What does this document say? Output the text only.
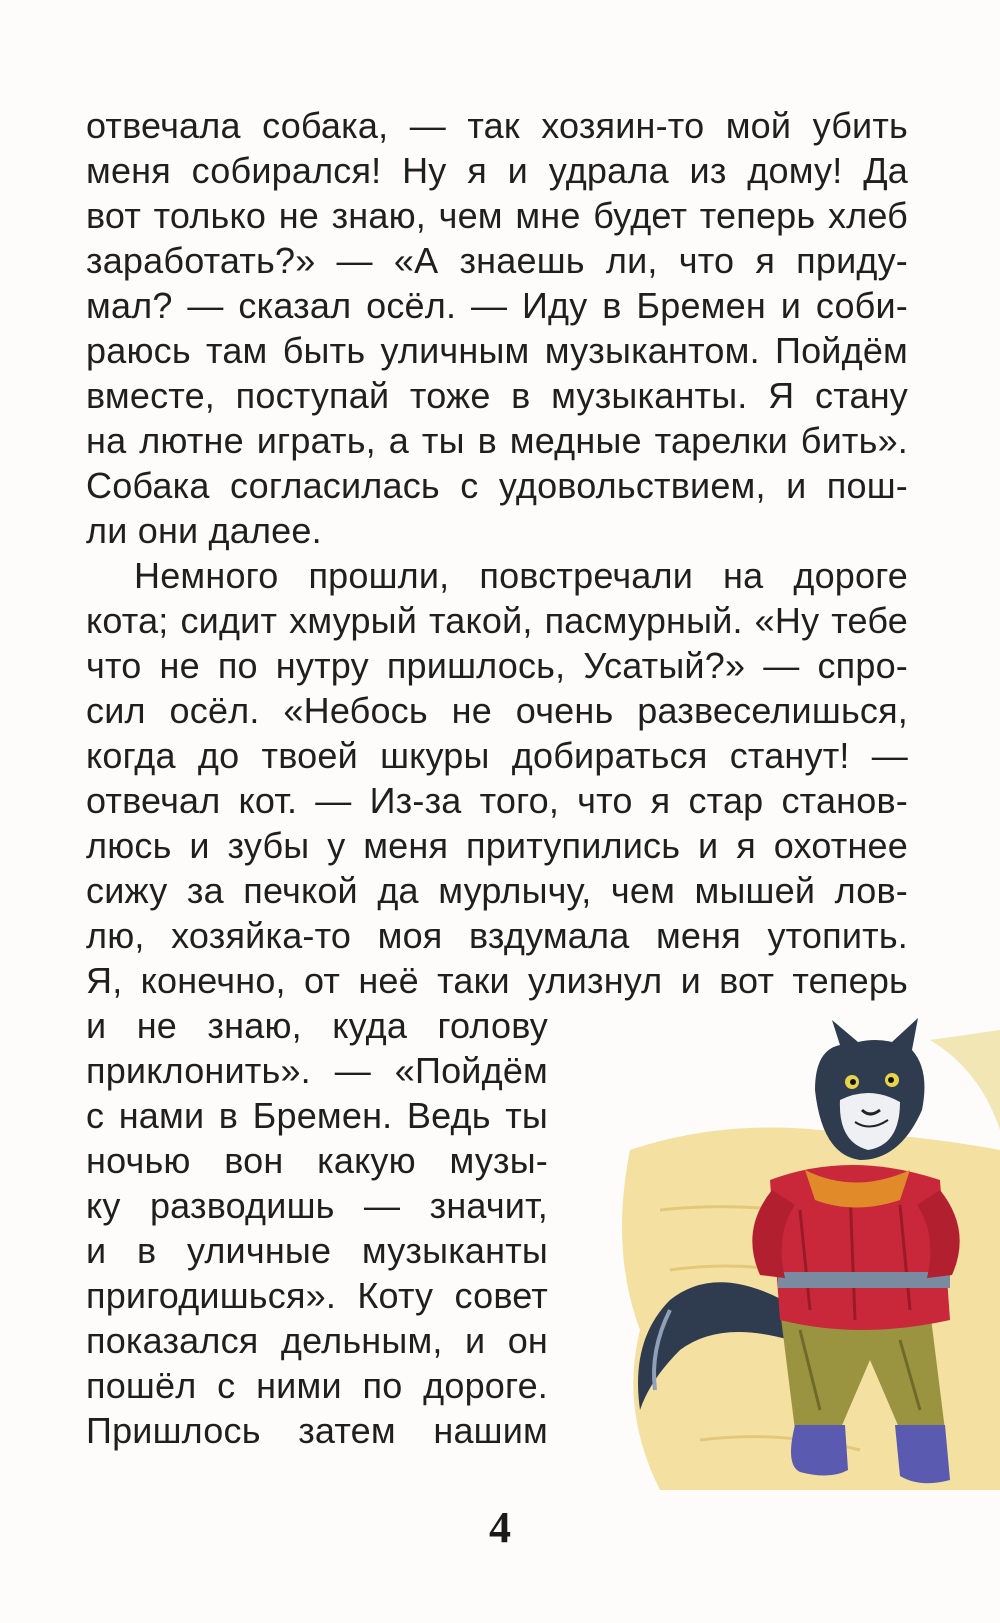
отвечала собака, — так хозяин-то мой убить
меня собирался! Ну я и удрала из дому! Да
вот только не знаю, чем мне будет теперь хлеб
заработать?» — «А знаешь ли, что я приду-
мал? — сказал осёл. — Иду в Бремен и соби-
раюсь там быть уличным музыкантом. Пойдём
вместе, поступай тоже в музыканты. Я стану
на лютне играть, а ты в медные тарелки бить».
Собака согласилась с удовольствием, и пош-
ли они далее.
Немного прошли, повстречали на дороге
кота; сидит хмурый такой, пасмурный. «Ну тебе
что не по нутру пришлось, Усатый?» — спро-
сил осёл. «Небось не очень развеселишься,
когда до твоей шкуры добираться станут! —
отвечал кот. — Из-за того, что я стар станов-
люсь и зубы у меня притупились и я охотнее
сижу за печкой да мурлычу, чем мышей лов-
лю, хозяйка-то моя вздумала меня утопить.
Я, конечно, от неё таки улизнул и вот теперь
и не знаю, куда голову
приклонить». — «Пойдём
с нами в Бремен. Ведь ты
ночью вон какую музы-
ку разводишь — значит,
и в уличные музыканты
пригодишься». Коту совет
показался дельным, и он
пошёл с ними по дороге.
Пришлось затем нашим
4
